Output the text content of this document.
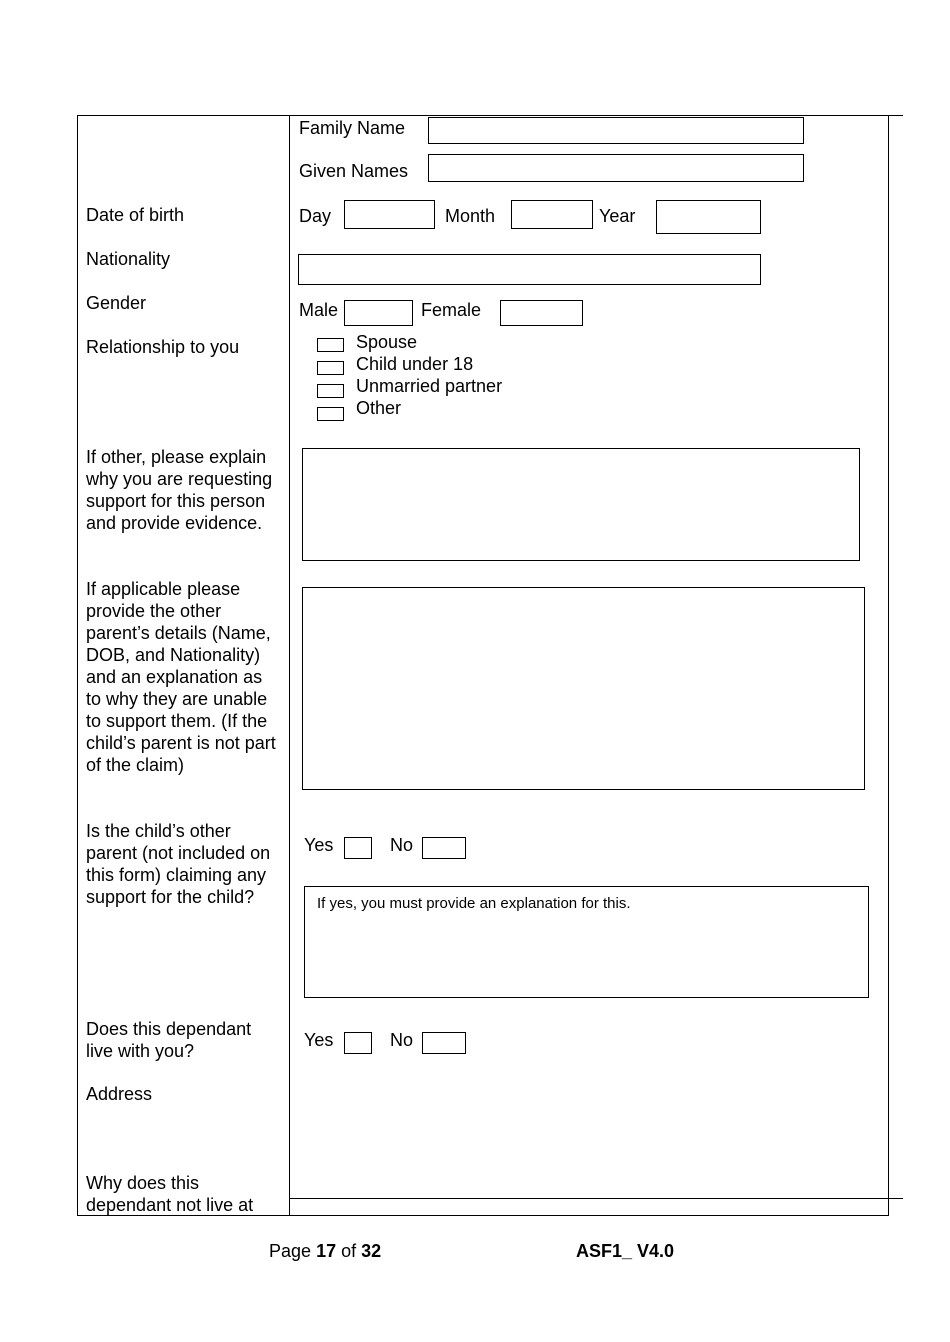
Family Name
Given Names
Date of birth	Day	Month	Year
Nationality
Gender	Male	Female
Relationship to you	Spouse
Child under 18
Unmarried partner
Other
If other, please explain why you are requesting support for this person and provide evidence.
If applicable please provide the other parent’s details (Name, DOB, and Nationality) and an explanation as to why they are unable to support them. (If the child’s parent is not part of the claim)
Is the child’s other parent (not included on this form) claiming any support for the child?
Yes	No
If yes, you must provide an explanation for this.
Does this dependant live with you?
Yes	No
Address
Why does this dependant not live at
Page 17 of 32	ASF1_ V4.0
